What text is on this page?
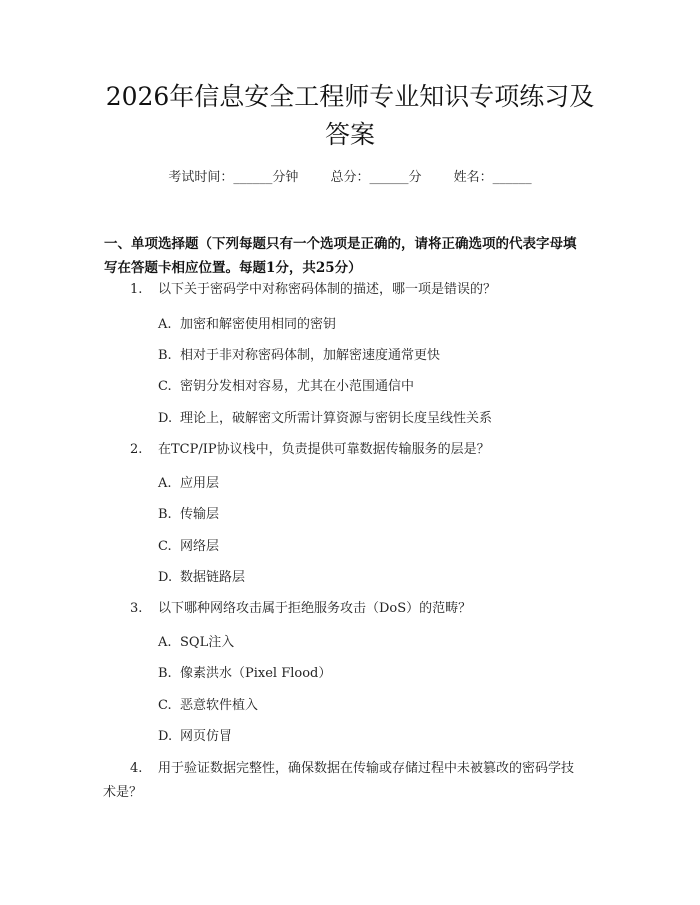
2026年信息安全工程师专业知识专项练习及
答案
考试时间：______分钟 总分：______分 姓名：______
一、单项选择题（下列每题只有一个选项是正确的，请将正确选项的代表字母填
写在答题卡相应位置。每题1分，共25分）
1. 以下关于密码学中对称密码体制的描述，哪一项是错误的？
A. 加密和解密使用相同的密钥
B. 相对于非对称密码体制，加解密速度通常更快
C. 密钥分发相对容易，尤其在小范围通信中
D. 理论上，破解密文所需计算资源与密钥长度呈线性关系
2. 在TCP/IP协议栈中，负责提供可靠数据传输服务的层是？
A. 应用层
B. 传输层
C. 网络层
D. 数据链路层
3. 以下哪种网络攻击属于拒绝服务攻击（DoS）的范畴？
A. SQL注入
B. 像素洪水（Pixel Flood）
C. 恶意软件植入
D. 网页仿冒
4. 用于验证数据完整性，确保数据在传输或存储过程中未被篡改的密码学技
术是？
